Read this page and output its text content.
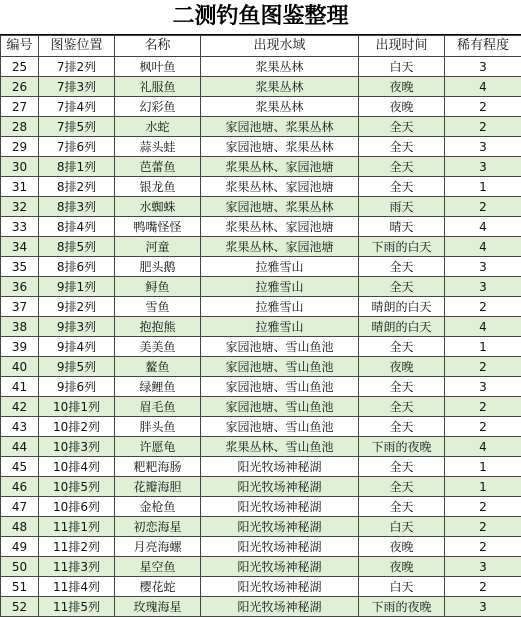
二测钓鱼图鉴整理
编号	图鉴位置	名称	出现水域	出现时间	稀有程度
25	7排2列	枫叶鱼	浆果丛林	白天	3
26	7排3列	礼服鱼	浆果丛林	夜晚	4
27	7排4列	幻彩鱼	浆果丛林	夜晚	2
28	7排5列	水蛇	家园池塘、浆果丛林	全天	2
29	7排6列	蒜头蛙	家园池塘、浆果丛林	全天	3
30	8排1列	芭蕾鱼	浆果丛林、家园池塘	全天	3
31	8排2列	银龙鱼	浆果丛林、家园池塘	全天	1
32	8排3列	水蜘蛛	家园池塘、浆果丛林	雨天	2
33	8排4列	鸭嘴怪怪	浆果丛林、家园池塘	晴天	4
34	8排5列	河童	浆果丛林、家园池塘	下雨的白天	4
35	8排6列	肥头鹅	拉雅雪山	全天	3
36	9排1列	鲟鱼	拉雅雪山	全天	3
37	9排2列	雪鱼	拉雅雪山	晴朗的白天	2
38	9排3列	抱抱熊	拉雅雪山	晴朗的白天	4
39	9排4列	美美鱼	家园池塘、雪山鱼池	全天	1
40	9排5列	鳌鱼	家园池塘、雪山鱼池	夜晚	2
41	9排6列	绿鲤鱼	家园池塘、雪山鱼池	全天	3
42	10排1列	眉毛鱼	家园池塘、雪山鱼池	全天	2
43	10排2列	胖头鱼	家园池塘、雪山鱼池	全天	2
44	10排3列	许愿龟	浆果丛林、雪山鱼池	下雨的夜晚	4
45	10排4列	粑粑海肠	阳光牧场神秘湖	全天	1
46	10排5列	花瓣海胆	阳光牧场神秘湖	全天	1
47	10排6列	金枪鱼	阳光牧场神秘湖	全天	2
48	11排1列	初恋海星	阳光牧场神秘湖	白天	2
49	11排2列	月亮海螺	阳光牧场神秘湖	夜晚	2
50	11排3列	星空鱼	阳光牧场神秘湖	夜晚	3
51	11排4列	樱花蛇	阳光牧场神秘湖	白天	2
52	11排5列	玫瑰海星	阳光牧场神秘湖	下雨的夜晚	3
